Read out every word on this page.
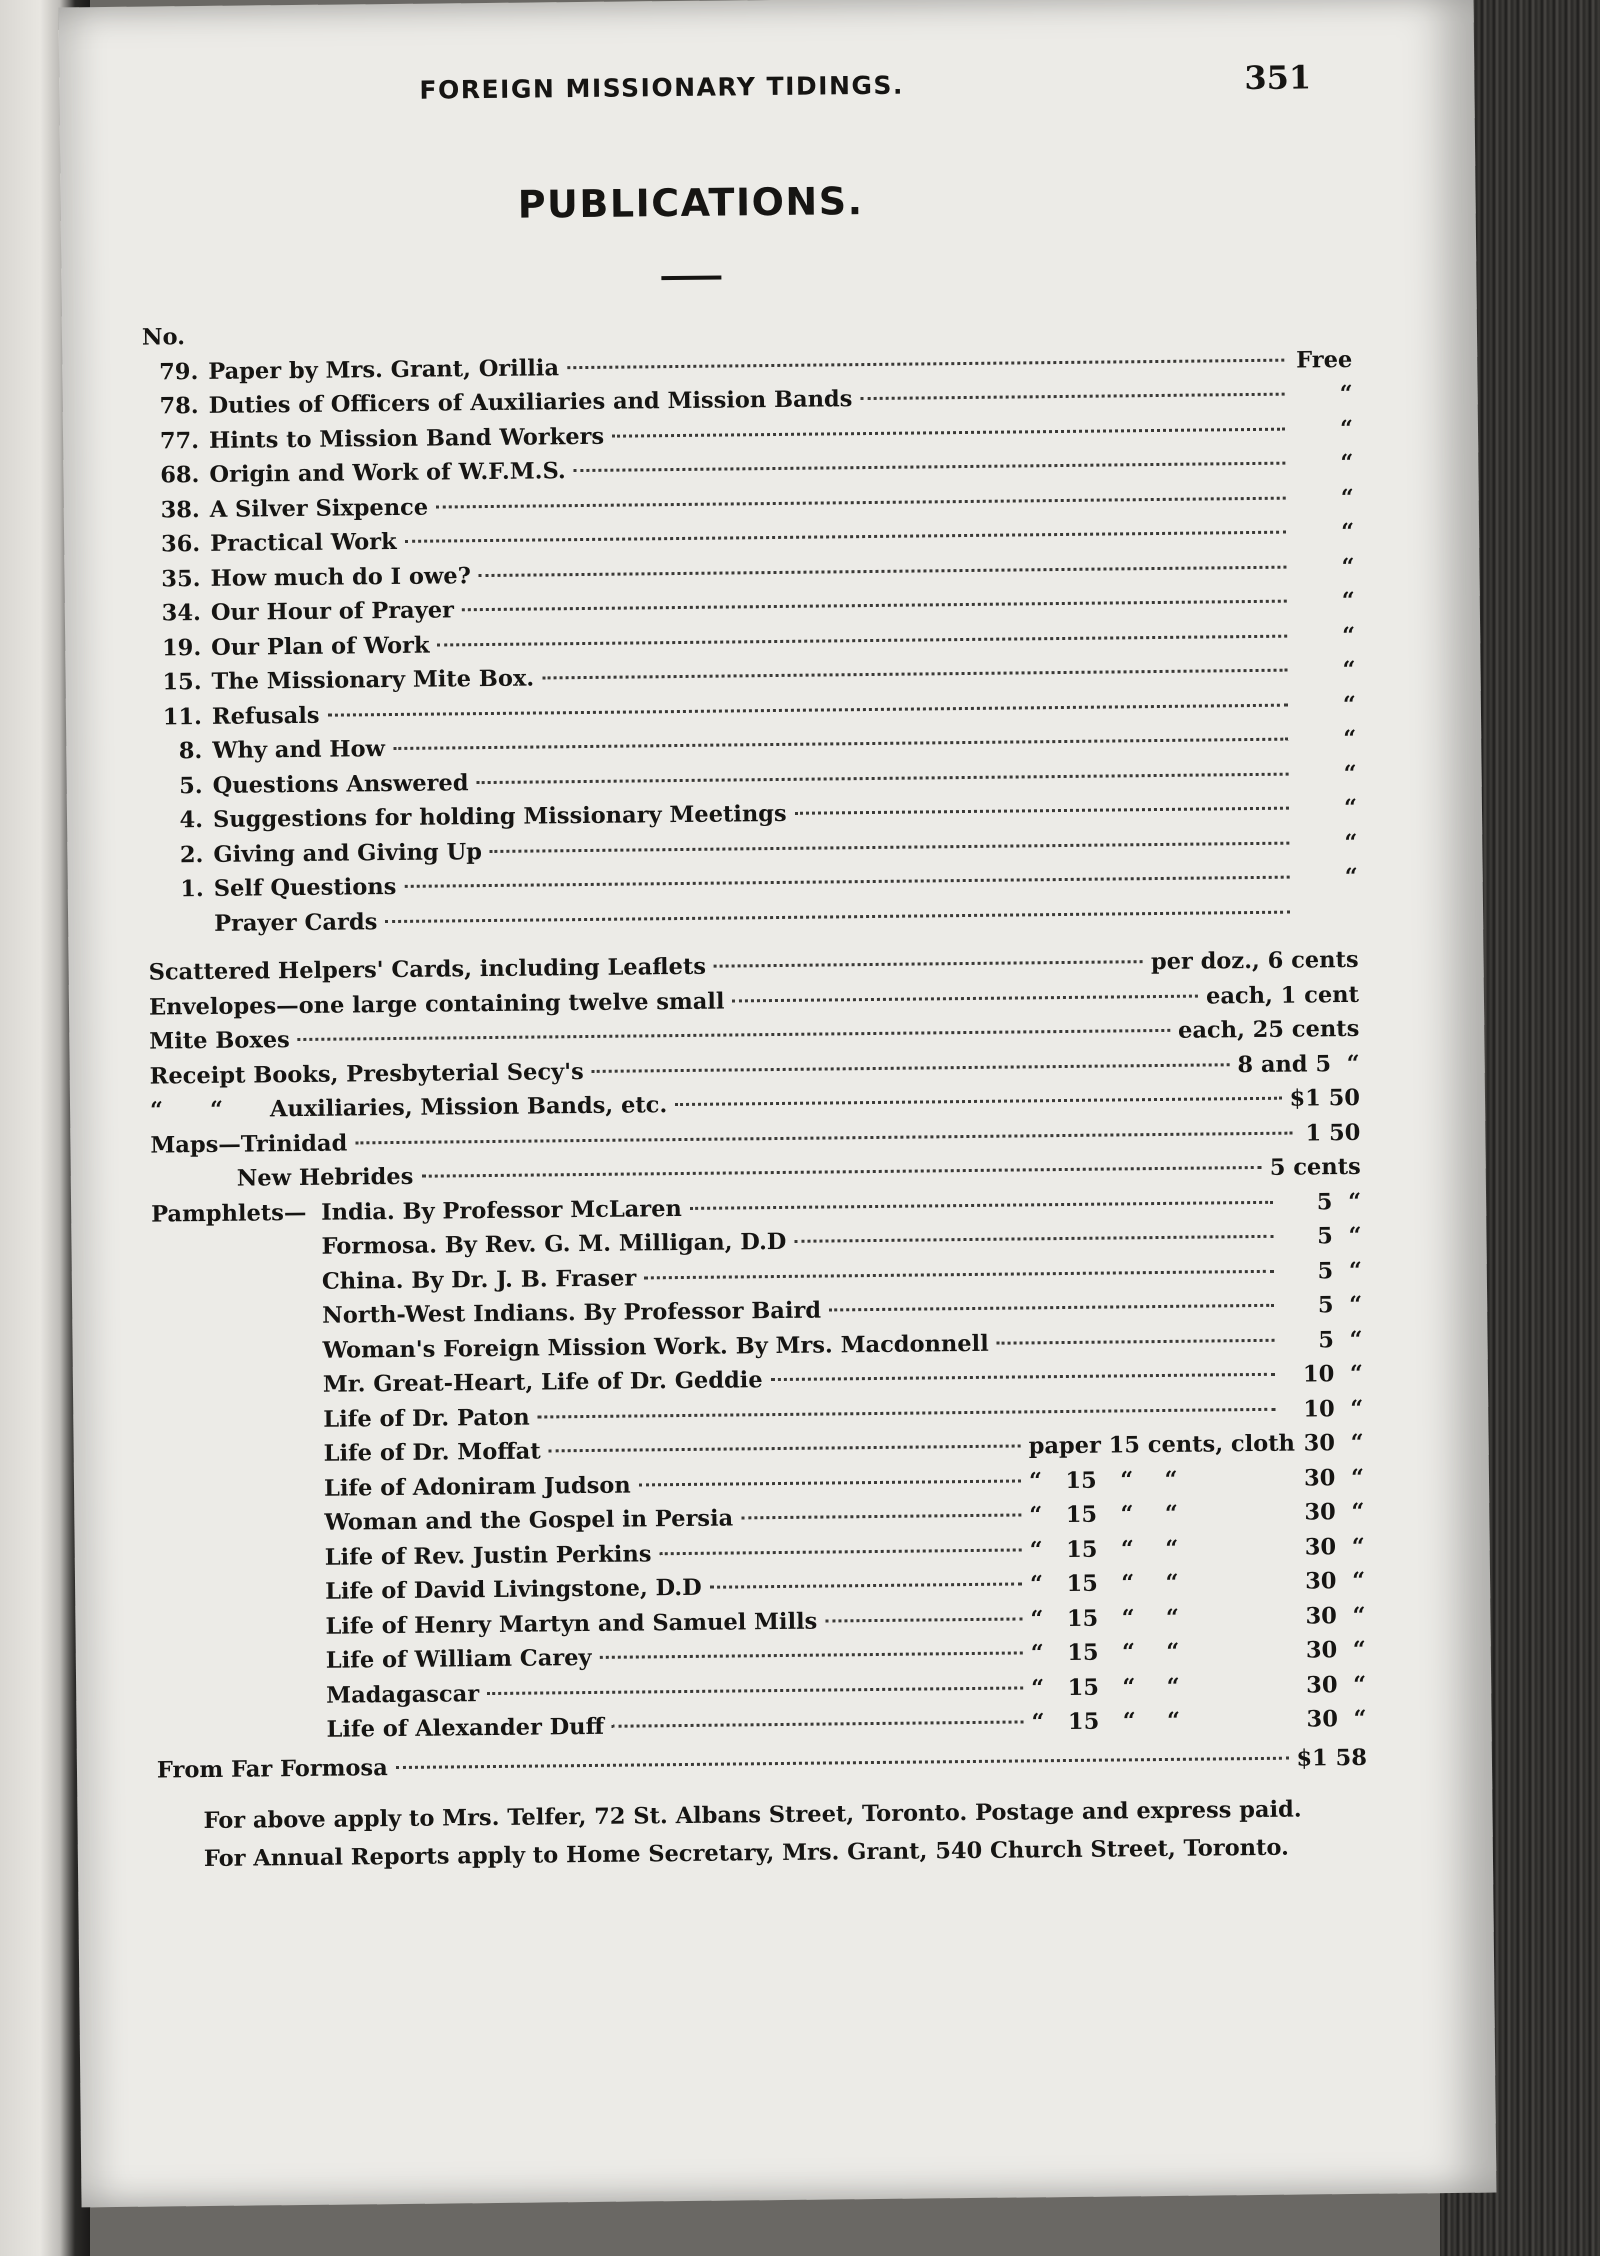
FOREIGN MISSIONARY TIDINGS.	351
PUBLICATIONS.
No.
79. Paper by Mrs. Grant, Orillia	Free
78. Duties of Officers of Auxiliaries and Mission Bands	“
77. Hints to Mission Band Workers	“
68. Origin and Work of W.F.M.S.	“
38. A Silver Sixpence	“
36. Practical Work	“
35. How much do I owe?	“
34. Our Hour of Prayer	“
19. Our Plan of Work	“
15. The Missionary Mite Box.	“
11. Refusals	“
8. Why and How	“
5. Questions Answered	“
4. Suggestions for holding Missionary Meetings	“
2. Giving and Giving Up	“
1. Self Questions	“
Prayer Cards
Scattered Helpers' Cards, including Leaflets	per doz., 6 cents
Envelopes—one large containing twelve small	each, 1 cent
Mite Boxes	each, 25 cents
Receipt Books, Presbyterial Secy's	8 and 5  “
“      “      Auxiliaries, Mission Bands, etc.	$1 50
Maps—Trinidad	1 50
New Hebrides	5 cents
Pamphlets— India. By Professor McLaren	5  “
Formosa. By Rev. G. M. Milligan, D.D	5  “
China. By Dr. J. B. Fraser	5  “
North-West Indians. By Professor Baird	5  “
Woman's Foreign Mission Work. By Mrs. Macdonnell	5  “
Mr. Great-Heart, Life of Dr. Geddie	10  “
Life of Dr. Paton	10  “
Life of Dr. Moffat	paper 15 cents, cloth 30  “
Life of Adoniram Judson	“   15   “    “	30  “
Woman and the Gospel in Persia	“   15   “    “	30  “
Life of Rev. Justin Perkins	“   15   “    “	30  “
Life of David Livingstone, D.D	“   15   “    “	30  “
Life of Henry Martyn and Samuel Mills	“   15   “    “	30  “
Life of William Carey	“   15   “    “	30  “
Madagascar	“   15   “    “	30  “
Life of Alexander Duff	“   15   “    “	30  “
From Far Formosa	$1 58
For above apply to Mrs. Telfer, 72 St. Albans Street, Toronto. Postage and express paid.
For Annual Reports apply to Home Secretary, Mrs. Grant, 540 Church Street, Toronto.
